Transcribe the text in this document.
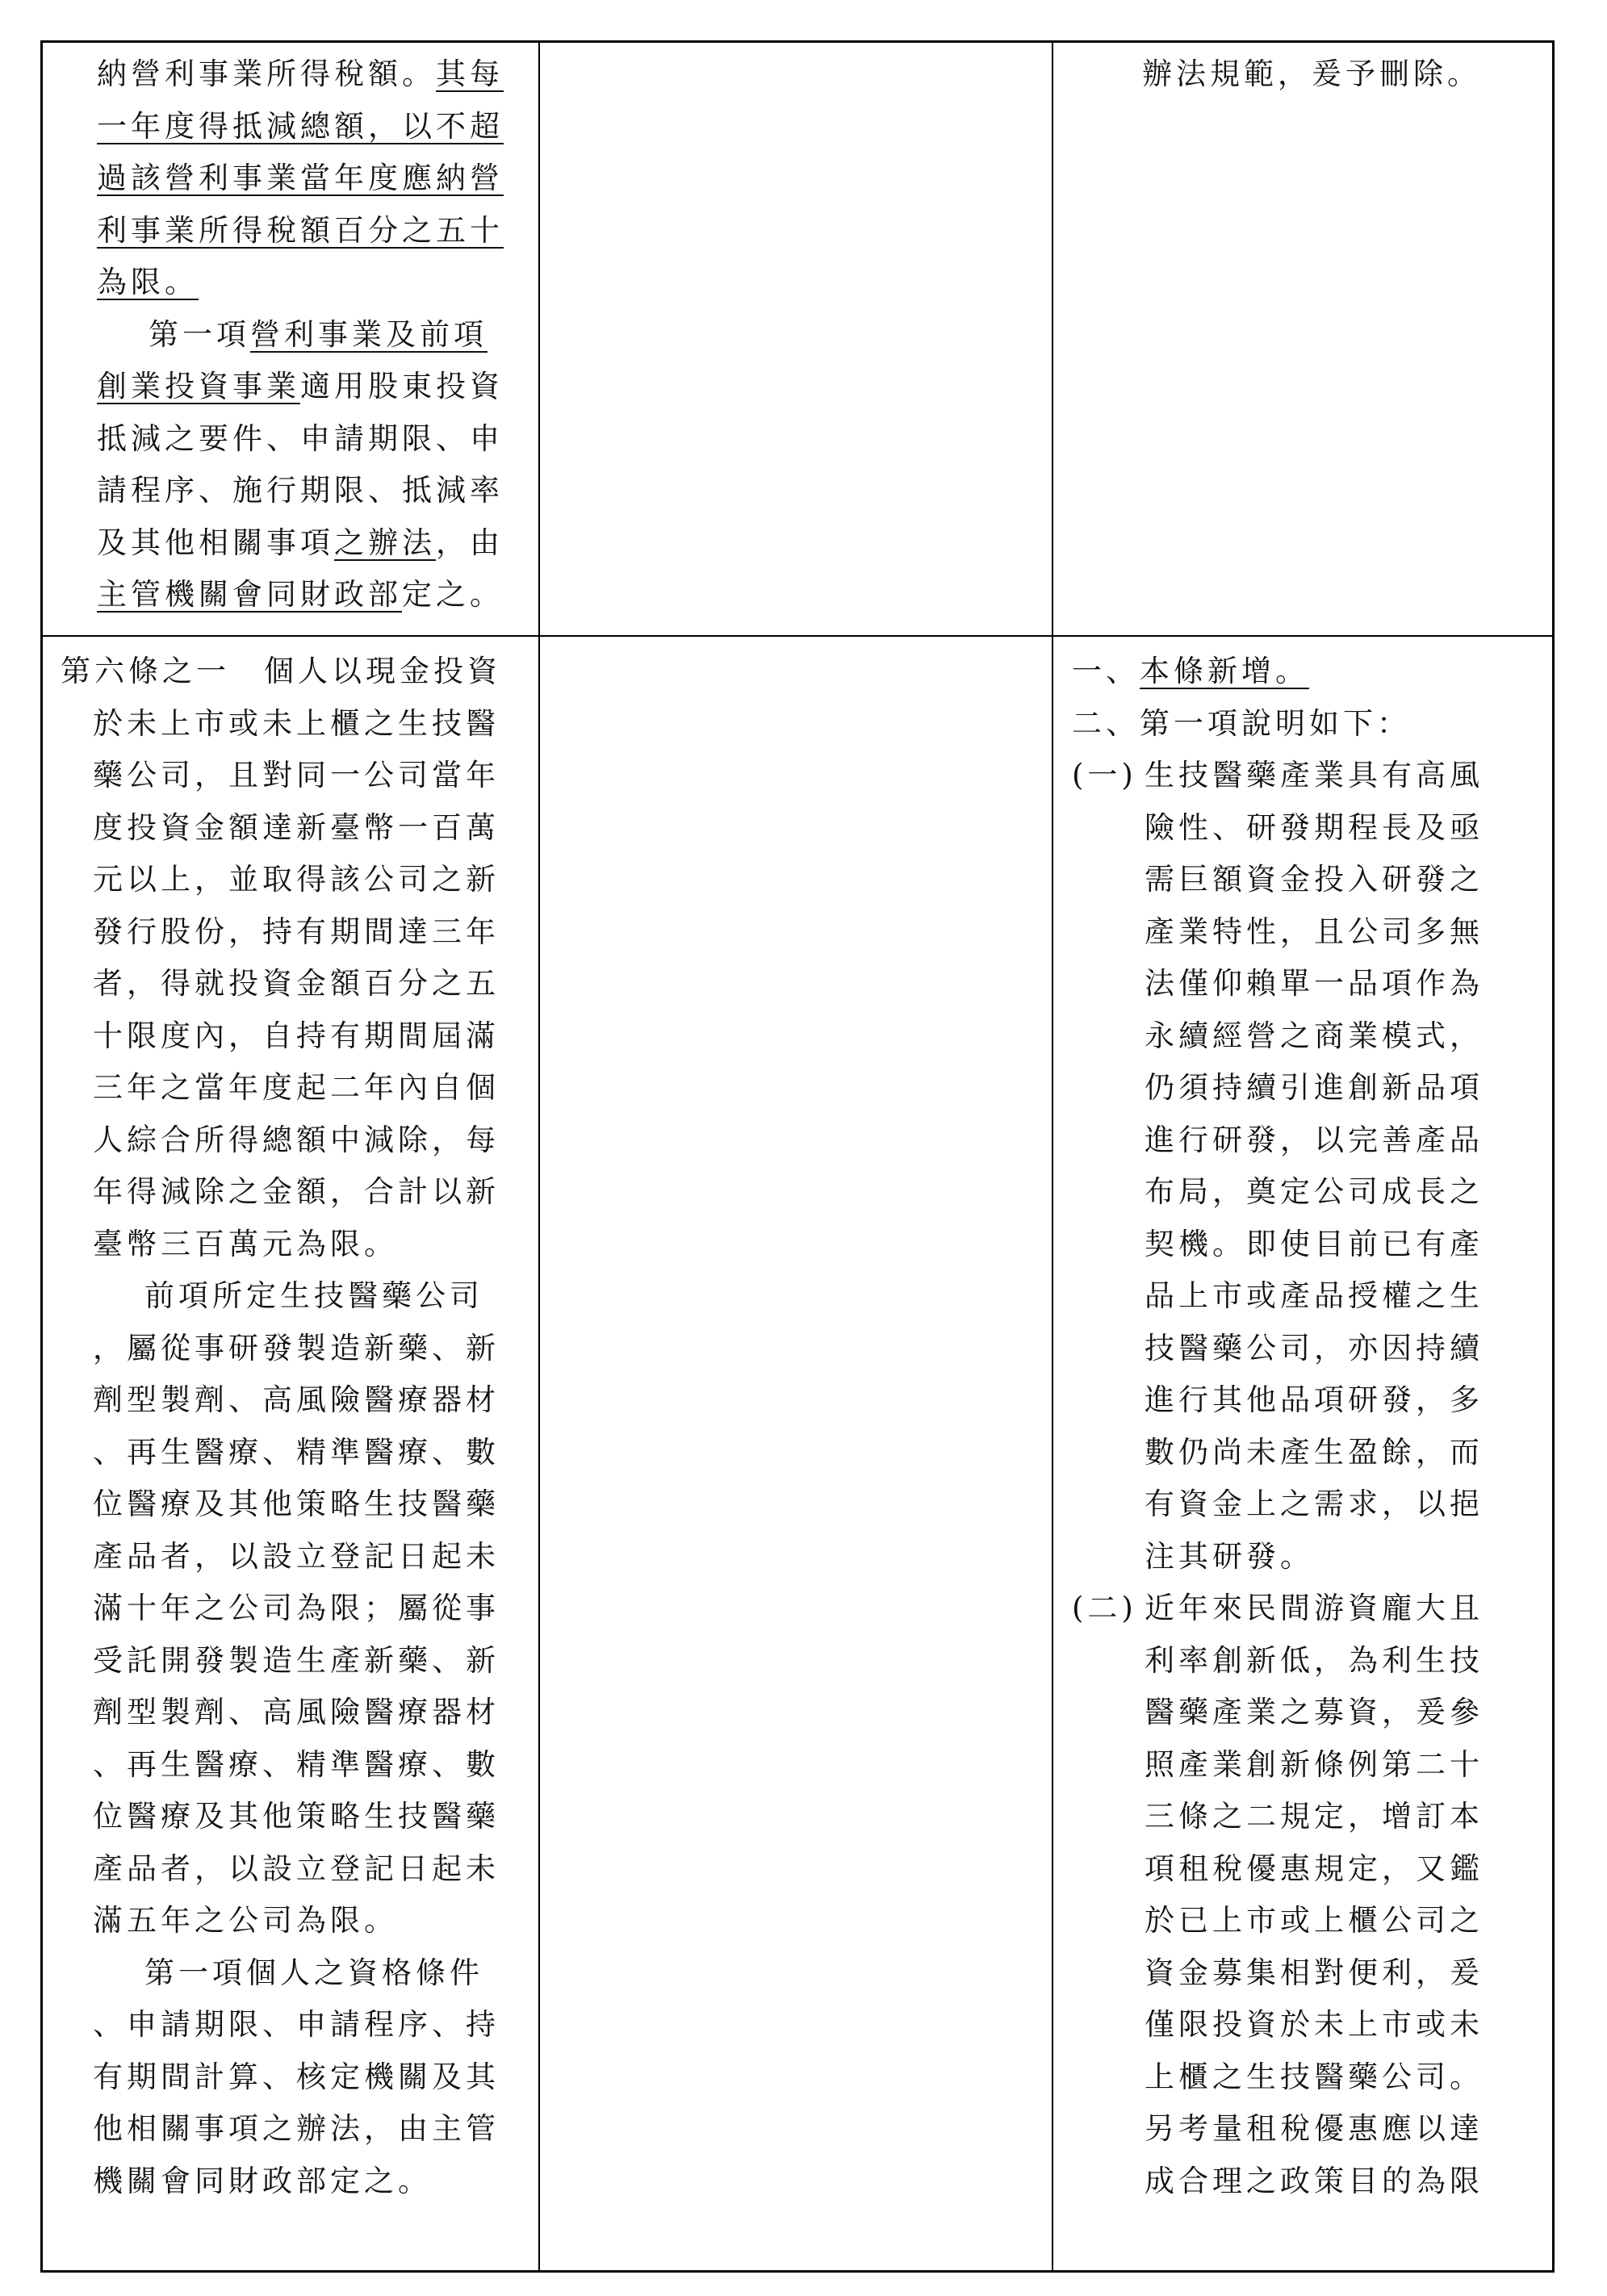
納營利事業所得稅額。其每

一年度得抵減總額，以不超

過該營利事業當年度應納營

利事業所得稅額百分之五十

為限。

第一項營利事業及前項

創業投資事業適用股東投資

抵減之要件、申請期限、申

請程序、施行期限、抵減率

及其他相關事項之辦法，由

主管機關會同財政部定之。

辦法規範，爰予刪除。

第六條之一　個人以現金投資

於未上市或未上櫃之生技醫

藥公司，且對同一公司當年

度投資金額達新臺幣一百萬

元以上，並取得該公司之新

發行股份，持有期間達三年

者，得就投資金額百分之五

十限度內，自持有期間屆滿

三年之當年度起二年內自個

人綜合所得總額中減除，每

年得減除之金額，合計以新

臺幣三百萬元為限。

前項所定生技醫藥公司

，屬從事研發製造新藥、新

劑型製劑、高風險醫療器材

、再生醫療、精準醫療、數

位醫療及其他策略生技醫藥

產品者，以設立登記日起未

滿十年之公司為限；屬從事

受託開發製造生產新藥、新

劑型製劑、高風險醫療器材

、再生醫療、精準醫療、數

位醫療及其他策略生技醫藥

產品者，以設立登記日起未

滿五年之公司為限。

第一項個人之資格條件

、申請期限、申請程序、持

有期間計算、核定機關及其

他相關事項之辦法，由主管

機關會同財政部定之。

一、本條新增。

二、第一項說明如下：

(一) 生技醫藥產業具有高風

險性、研發期程長及亟

需巨額資金投入研發之

產業特性，且公司多無

法僅仰賴單一品項作為

永續經營之商業模式，

仍須持續引進創新品項

進行研發，以完善產品

布局，奠定公司成長之

契機。即使目前已有產

品上市或產品授權之生

技醫藥公司，亦因持續

進行其他品項研發，多

數仍尚未產生盈餘，而

有資金上之需求，以挹

注其研發。

(二) 近年來民間游資龐大且

利率創新低，為利生技

醫藥產業之募資，爰參

照產業創新條例第二十

三條之二規定，增訂本

項租稅優惠規定，又鑑

於已上市或上櫃公司之

資金募集相對便利，爰

僅限投資於未上市或未

上櫃之生技醫藥公司。

另考量租稅優惠應以達

成合理之政策目的為限
